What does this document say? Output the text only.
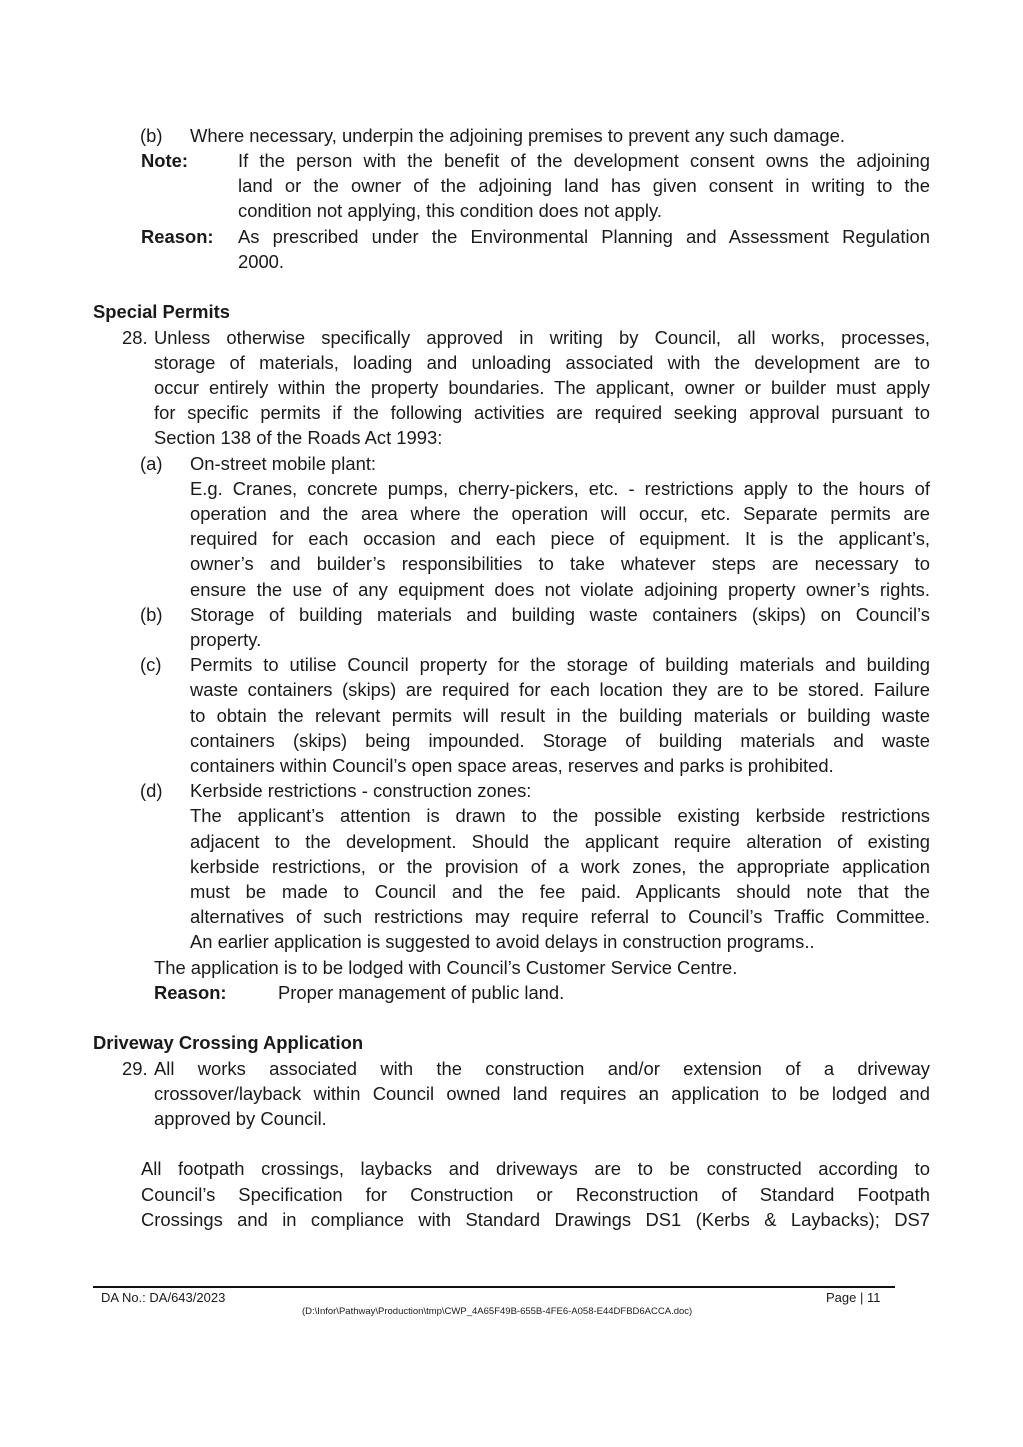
(b) Where necessary, underpin the adjoining premises to prevent any such damage.
Note:	If the person with the benefit of the development consent owns the adjoining
land or the owner of the adjoining land has given consent in writing to the
condition not applying, this condition does not apply.
Reason: As prescribed under the Environmental Planning and Assessment Regulation
2000.
Special Permits
28. Unless otherwise specifically approved in writing by Council, all works, processes,
storage of materials, loading and unloading associated with the development are to
occur entirely within the property boundaries. The applicant, owner or builder must apply
for specific permits if the following activities are required seeking approval pursuant to
Section 138 of the Roads Act 1993:
(a) On-street mobile plant:
E.g. Cranes, concrete pumps, cherry-pickers, etc. - restrictions apply to the hours of
operation and the area where the operation will occur, etc. Separate permits are
required for each occasion and each piece of equipment. It is the applicant’s,
owner’s and builder’s responsibilities to take whatever steps are necessary to
ensure the use of any equipment does not violate adjoining property owner’s rights.
(b) Storage of building materials and building waste containers (skips) on Council’s
property.
(c) Permits to utilise Council property for the storage of building materials and building
waste containers (skips) are required for each location they are to be stored. Failure
to obtain the relevant permits will result in the building materials or building waste
containers (skips) being impounded. Storage of building materials and waste
containers within Council’s open space areas, reserves and parks is prohibited.
(d) Kerbside restrictions - construction zones:
The applicant’s attention is drawn to the possible existing kerbside restrictions
adjacent to the development. Should the applicant require alteration of existing
kerbside restrictions, or the provision of a work zones, the appropriate application
must be made to Council and the fee paid. Applicants should note that the
alternatives of such restrictions may require referral to Council’s Traffic Committee.
An earlier application is suggested to avoid delays in construction programs..
The application is to be lodged with Council’s Customer Service Centre.
Reason:	Proper management of public land.
Driveway Crossing Application
29. All works associated with the construction and/or extension of a driveway
crossover/layback within Council owned land requires an application to be lodged and
approved by Council.
All footpath crossings, laybacks and driveways are to be constructed according to
Council’s Specification for Construction or Reconstruction of Standard Footpath
Crossings and in compliance with Standard Drawings DS1 (Kerbs & Laybacks); DS7
DA No.: DA/643/2023	Page | 11
(D:\Infor\Pathway\Production\tmp\CWP_4A65F49B-655B-4FE6-A058-E44DFBD6ACCA.doc)
